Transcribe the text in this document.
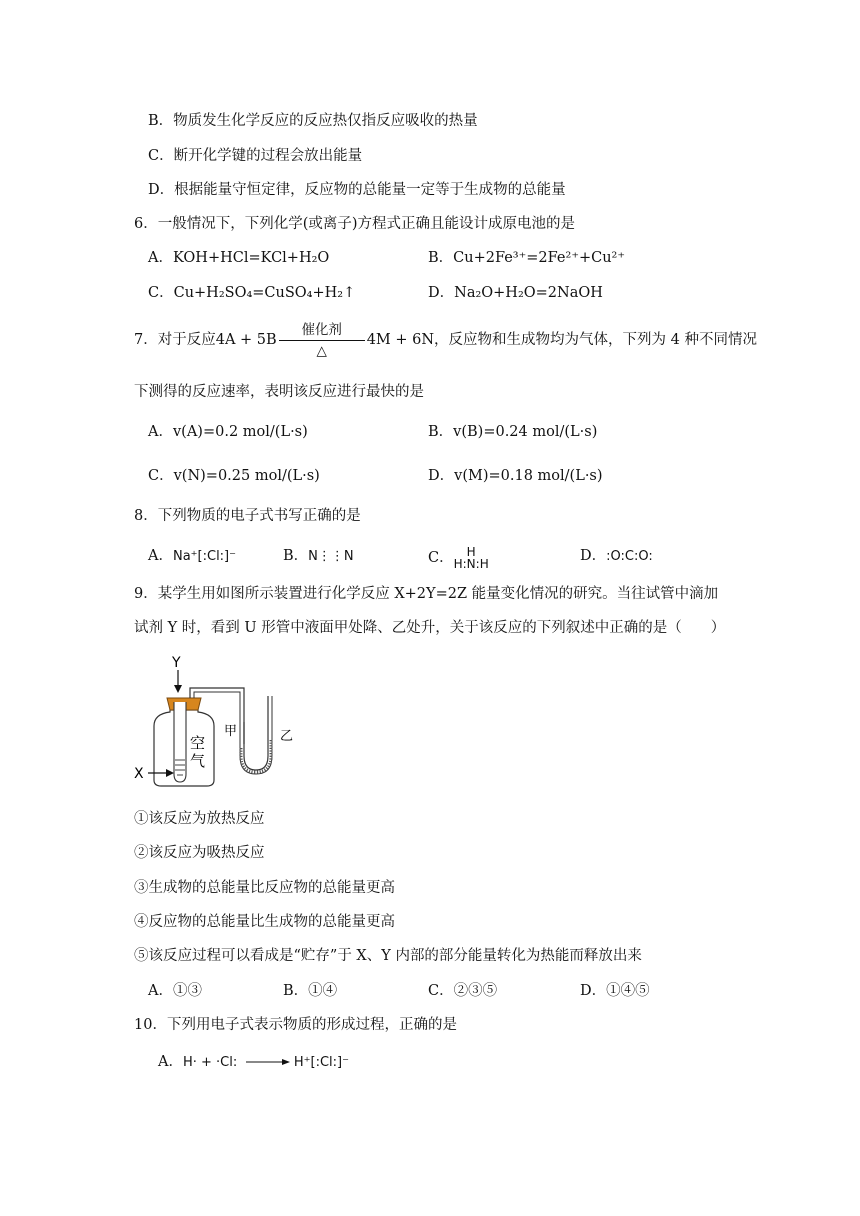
B．物质发生化学反应的反应热仅指反应吸收的热量
C．断开化学键的过程会放出能量
D．根据能量守恒定律，反应物的总能量一定等于生成物的总能量
6．一般情况下，下列化学(或离子)方程式正确且能设计成原电池的是
A．KOH+HCl=KCl+H₂O	B．Cu+2Fe³⁺=2Fe²⁺+Cu²⁺
C．Cu+H₂SO₄=CuSO₄+H₂↑	D．Na₂O+H₂O=2NaOH
7．对于反应$4A + 5B \frac{\text{催化剂}}{\triangle} 4M + 6N$，反应物和生成物均为气体，下列为 4 种不同情况
下测得的反应速率，表明该反应进行最快的是
A．v(A)=0.2 mol/(L·s)	B．v(B)=0.24 mol/(L·s)
C．v(N)=0.25 mol/(L·s)	D．v(M)=0.18 mol/(L·s)
8．下列物质的电子式书写正确的是
A．Na⁺[:Cl:]⁻	B．N⋮⋮N	C．	H
H:N:H	D．:O:C:O:
9．某学生用如图所示装置进行化学反应 X+2Y=2Z 能量变化情况的研究。当往试管中滴加
试剂 Y 时，看到 U 形管中液面甲处降、乙处升，关于该反应的下列叙述中正确的是（　　）
Y
甲	乙
空
气
X
①该反应为放热反应
②该反应为吸热反应
③生成物的总能量比反应物的总能量更高
④反应物的总能量比生成物的总能量更高
⑤该反应过程可以看成是“贮存”于 X、Y 内部的部分能量转化为热能而释放出来
A．①③	B．①④	C．②③⑤	D．①④⑤
10．下列用电子式表示物质的形成过程，正确的是
A．H· + ·Cl:	H⁺[:Cl:]⁻
